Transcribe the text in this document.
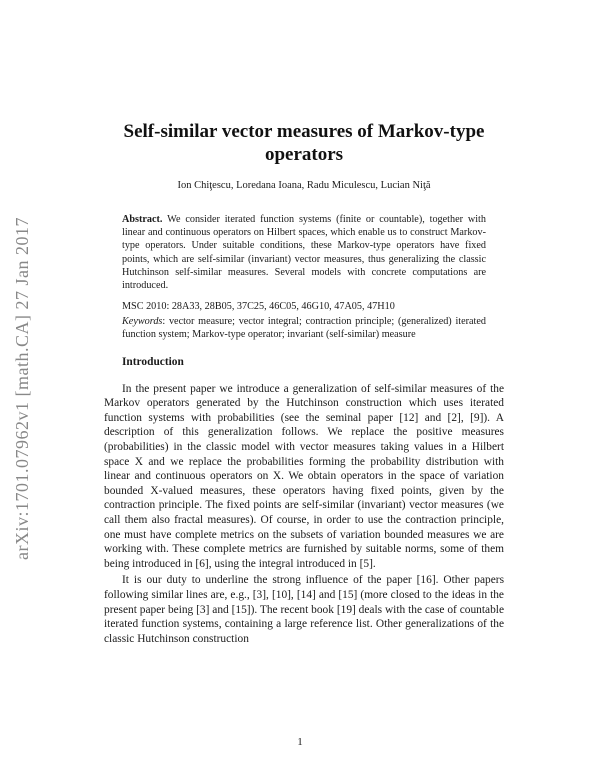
arXiv:1701.07962v1 [math.CA] 27 Jan 2017
Self-similar vector measures of Markov-type operators
Ion Chiţescu, Loredana Ioana, Radu Miculescu, Lucian Niţă
Abstract. We consider iterated function systems (finite or countable), together with linear and continuous operators on Hilbert spaces, which enable us to construct Markov-type operators. Under suitable conditions, these Markov-type operators have fixed points, which are self-similar (invariant) vector measures, thus generalizing the classic Hutchinson self-similar measures. Several models with concrete computations are introduced.
MSC 2010: 28A33, 28B05, 37C25, 46C05, 46G10, 47A05, 47H10
Keywords: vector measure; vector integral; contraction principle; (generalized) iterated function system; Markov-type operator; invariant (self-similar) measure
Introduction

In the present paper we introduce a generalization of self-similar measures of the Markov operators generated by the Hutchinson construction which uses iterated function systems with probabilities (see the seminal paper [12] and [2], [9]). A description of this generalization follows. We replace the positive measures (probabilities) in the classic model with vector measures taking values in a Hilbert space X and we replace the probabilities forming the probability distribution with linear and continuous operators on X. We obtain operators in the space of variation bounded X-valued measures, these operators having fixed points, given by the contraction principle. The fixed points are self-similar (invariant) vector measures (we call them also fractal measures). Of course, in order to use the contraction principle, one must have complete metrics on the subsets of variation bounded measures we are working with. These complete metrics are furnished by suitable norms, some of them being introduced in [6], using the integral introduced in [5].

It is our duty to underline the strong influence of the paper [16]. Other papers following similar lines are, e.g., [3], [10], [14] and [15] (more closed to the ideas in the present paper being [3] and [15]). The recent book [19] deals with the case of countable iterated function systems, containing a large reference list. Other generalizations of the classic Hutchinson construction

1
